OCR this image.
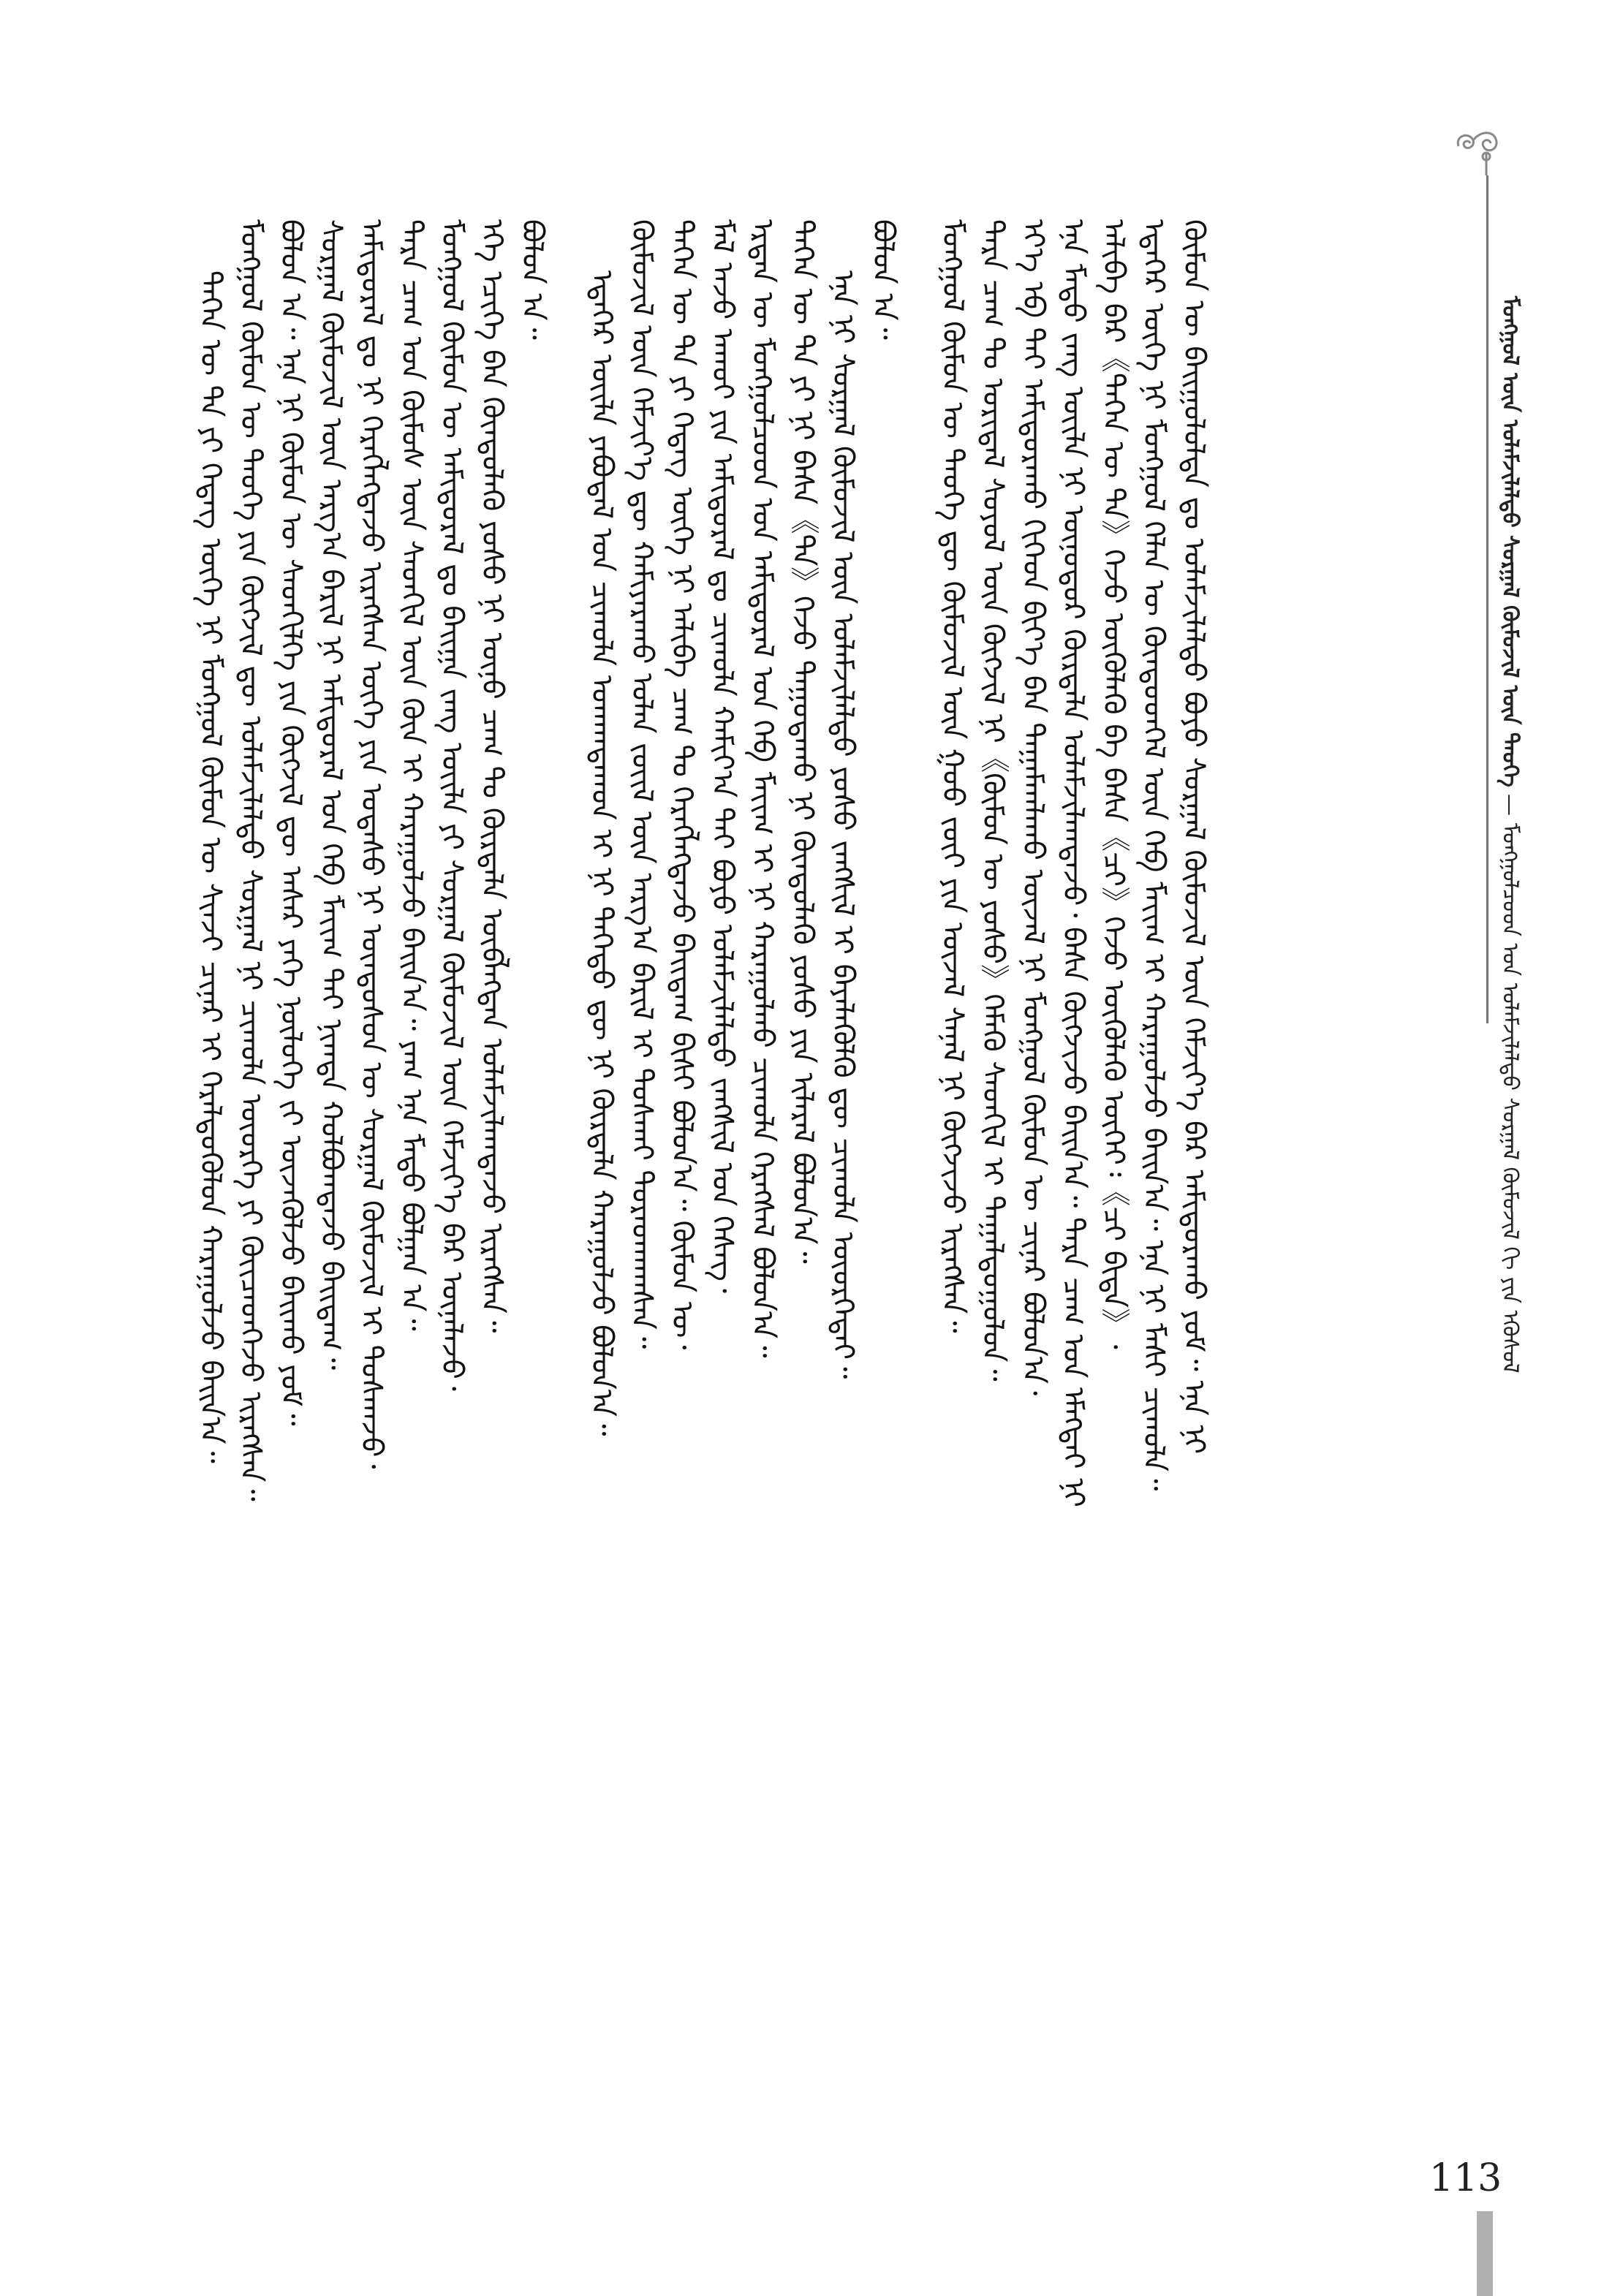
ᠮᠣᠩᠭᠣᠯ ᠦᠨ ᠤᠯᠠᠮᠵᠢᠯᠠᠯᠲᠤ ᠰᠤᠷᠭᠠᠯ ᠬᠦᠮᠦᠵᠢᠯ ᠦᠨ ᠲᠡᠦᠬᠡ — ᠮᠣᠩᠭᠣᠯᠴᠤᠳ ᠤᠨ ᠤᠯᠠᠮᠵᠢᠯᠠᠯᠲᠤ ᠰᠤᠷᠭᠠᠯ ᠬᠦᠮᠦᠵᠢᠯ ᠬᠢ ᠶᠢᠨ ᠡᠭᠦᠰᠦᠯ
ᠲᠡᠭᠡᠨ ᠦ ᠲᠠ ᠶᠢ ᠭᠡᠳᠡᠭ ᠦᠭᠡ ᠨᠢ ᠮᠣᠩᠭᠣᠯ ᠬᠦᠮᠦᠨ ᠦ ᠰᠢᠨᠵᠢ ᠴᠢᠨᠠᠷ ᠢ ᠭᠡᠷᠡᠯᠲᠦᠭᠦᠯᠦᠨ ᠬᠠᠷᠠᠭᠤᠯᠵᠤ ᠪᠠᠢᠨ᠎ᠠ᠃ ᠮᠣᠩᠭᠣᠯ ᠬᠦᠮᠦᠨ ᠦ ᠲᠡᠦᠬᠡ ᠶᠢᠨ ᠬᠥᠭᠵᠢᠯ ᠳᠦ ᠤᠯᠠᠮᠵᠢᠯᠠᠯᠲᠤ ᠰᠤᠷᠭᠠᠯ ᠨᠢ ᠴᠢᠬᠤᠯᠠ ᠦᠦᠷᠭᠡ ᠶᠢ ᠭᠦᠢᠴᠡᠳᠬᠡᠵᠦ ᠢᠷᠡᠭᠰᠡᠨ᠃ ᠪᠣᠯᠤᠨ ᠠ᠃ ᠡᠨᠡ ᠨᠢ ᠬᠦᠮᠦᠨ ᠦ ᠰᠡᠳᠬᠢᠯᠭᠡ ᠶᠢᠨ ᠬᠥᠭᠵᠢᠯ ᠳᠦ ᠠᠰᠠᠷ ᠶᠡᠬᠡ ᠨᠥᠯᠦᠭᠡ ᠵᠢ ᠦᠵᠡᠭᠦᠯᠵᠦ ᠪᠠᠢᠬᠤ ᠶᠤᠮ᠃ ᠰᠤᠷᠭᠠᠯ ᠬᠦᠮᠦᠵᠢᠯ ᠦᠨ ᠠᠷᠭ᠎ᠠ ᠪᠠᠷᠢᠯ ᠨᠢ ᠠᠮᠢᠳᠤᠷᠠᠯ ᠤᠨ ᠬᠡᠪ ᠮᠠᠶ᠋ᠢᠭ ᠲᠠᠢ ᠨᠢᠭᠲᠠ ᠬᠣᠯᠪᠣᠭᠳᠠᠵᠤ ᠪᠠᠢᠳᠠᠭ᠃ ᠠᠮᠢᠳᠤᠷᠠᠯ ᠳᠤ ᠨᠢ ᠬᠡᠷᠡᠭᠯᠡᠭᠳᠡᠵᠦ ᠢᠷᠡᠭᠰᠡᠨ ᠦᠭᠡ ᠶᠢᠨ ᠤᠲᠠᠰᠤ ᠨᠢ ᠦᠨᠳᠦᠰᠦᠨ ᠦ ᠰᠤᠷᠭᠠᠯ ᠬᠦᠮᠦᠵᠢᠯ ᠢ ᠲᠤᠰᠬᠠᠵᠤ᠂ ᠲᠡᠷᠡ ᠴᠠᠭ ᠤᠨ ᠬᠦᠮᠦᠰ ᠦᠨ ᠰᠡᠳᠬᠢᠯ ᠦᠨ ᠭᠦᠨ ᠢ ᠬᠠᠷᠠᠭᠤᠯᠵᠤ ᠪᠠᠢᠨ᠎ᠠ᠃ ᠶᠠᠭ ᠡᠨᠡ ᠮᠡᠲᠦ ᠪᠣᠯᠭᠠᠨ ᠠ᠃ ᠮᠣᠩᠭᠣᠯ ᠬᠦᠮᠦᠨ ᠦ ᠠᠮᠢᠳᠤᠷᠠᠯ ᠳᠤ ᠪᠠᠢᠭᠠ ᠵᠠᠩ ᠦᠢᠯᠡ ᠶᠢ ᠰᠤᠷᠭᠠᠯ ᠬᠦᠮᠦᠵᠢᠯ ᠦᠨ ᠬᠡᠮᠵᠢᠶ᠎ᠡ ᠪᠡᠷ ᠦᠨᠡᠯᠡᠵᠦ᠂ ᠡᠬᠡ ᠡᠴᠢᠭᠡ ᠪᠡᠨ ᠬᠦᠨᠳᠦᠯᠡᠬᠦ ᠶᠣᠰᠤ ᠨᠢ ᠥᠨᠥ ᠴᠠᠭ ᠲᠤ ᠬᠦᠷᠲᠡᠯᠡ ᠥᠪᠯᠡᠭᠳᠡᠨ ᠤᠯᠠᠮᠵᠢᠯᠠᠭᠳᠠᠵᠤ ᠢᠷᠡᠭᠰᠡᠨ᠃ ᠪᠣᠯᠤᠨ ᠠ᠃ ᠡᠳᠡᠭᠡᠷ ᠦᠢᠯᠡ ᠶᠠᠪᠤᠳᠠᠯ ᠤᠨ ᠴᠢᠬᠤᠯᠠ ᠤᠬᠠᠭᠳᠠᠬᠤᠨ ᠢ ᠨᠢ ᠳᠡᠭᠡᠳᠦ ᠳᠦ ᠨᠢ ᠬᠦᠷᠲᠡᠯᠡ ᠬᠠᠷᠠᠭᠤᠯᠵᠤ ᠪᠣᠯᠣᠨ᠎ᠠ᠃ ᠬᠦᠮᠦᠵᠢᠯ ᠦᠨ ᠬᠡᠮᠵᠢᠶ᠎ᠡ ᠳᠦ ᠬᠠᠮᠢᠶᠠᠷᠠᠬᠤ ᠣᠯᠠᠨ ᠵᠦᠢᠯ ᠦᠨ ᠠᠷᠭ᠎ᠠ ᠪᠠᠷᠢᠯ ᠢ ᠲᠤᠰᠬᠠᠢ ᠳᠤᠷᠠᠳᠬᠠᠭᠰᠠᠨ᠃ ᠲᠡᠭᠡᠨ ᠦ ᠲᠠ ᠶᠢ ᠭᠡᠳᠡᠭ ᠦᠭᠡ ᠨᠢ ᠠᠯᠢᠪᠠ ᠴᠠᠭ ᠲᠤ ᠬᠡᠷᠡᠭᠯᠡᠭᠳᠡᠵᠦ ᠪᠠᠢᠳᠠᠭ ᠪᠢᠰᠢ ᠪᠣᠯᠤᠨ᠎ᠠ᠃ ᠬᠦᠮᠦᠨ ᠦ᠂ ᠮᠠᠯ ᠠᠵᠤ ᠠᠬᠤᠢ ᠶᠢᠨ ᠠᠮᠢᠳᠤᠷᠠᠯ ᠳᠤ ᠴᠢᠬᠤᠯᠠ ᠬᠠᠮᠢᠶ᠎ᠠ ᠲᠠᠢ ᠪᠤᠶᠤ ᠤᠯᠠᠮᠵᠢᠯᠠᠯᠲᠤ ᠵᠠᠩᠰᠢᠯ ᠤᠨ ᠬᠡᠰᠡᠭ᠂ ᠡᠷᠲᠡᠨ ᠦ ᠮᠣᠩᠭᠣᠯᠴᠤᠳ ᠤᠨ ᠠᠮᠢᠳᠤᠷᠠᠯ ᠤᠨ ᠬᠡᠪ ᠮᠠᠶ᠋ᠢᠭ ᠢ ᠨᠢ ᠬᠠᠷᠠᠭᠤᠯᠬᠤ ᠴᠢᠬᠤᠯᠠ ᠬᠡᠷᠡᠭᠰᠡᠯ ᠪᠣᠯᠤᠨ᠎ᠠ᠃ ᠲᠡᠭᠡᠨ ᠦ ᠲᠠ ᠶᠢ ᠨᠢ ᠪᠠᠰᠠ《ᠲᠠ》ᠭᠡᠵᠦ ᠳᠠᠭᠤᠳᠠᠬᠤ ᠨᠢ ᠬᠦᠨᠳᠦᠯᠡᠬᠦ ᠶᠣᠰᠤ ᠶᠢᠨ ᠢᠯᠡᠷᠡᠯ ᠪᠣᠯᠤᠨ᠎ᠠ᠃ ᠡᠨᠡ ᠨᠢ ᠰᠤᠷᠭᠠᠯ ᠬᠦᠮᠦᠵᠢᠯ ᠦᠨ ᠤᠯᠠᠮᠵᠢᠯᠠᠯᠲᠤ ᠶᠣᠰᠤ ᠵᠠᠩᠰᠢᠯ ᠢ ᠪᠡᠶᠡᠯᠡᠭᠦᠯᠬᠦ ᠳᠦ ᠴᠢᠬᠤᠯᠠ ᠦᠦᠷᠭᠡᠲᠡᠢ᠃ ᠪᠣᠯᠤᠨ ᠠ᠃ ᠮᠣᠩᠭᠣᠯ ᠬᠦᠮᠦᠨ ᠦ ᠲᠡᠦᠬᠡ ᠳᠦ ᠬᠦᠮᠦᠵᠢᠯ ᠦᠨ ᠭᠣᠣ ᠵᠦᠢ ᠶᠢᠨ ᠦᠵᠡᠯ ᠰᠠᠨᠠᠯ ᠨᠢ ᠬᠥᠭᠵᠢᠵᠦ ᠢᠷᠡᠭᠰᠡᠨ᠃ ᠲᠡᠷᠡ ᠴᠠᠭ ᠲᠤ ᠤᠷᠢᠳᠠᠯ ᠰᠣᠶᠤᠯ ᠦᠨ ᠬᠥᠭᠵᠢᠯ ᠨᠢ《ᠬᠦᠮᠦᠨ ᠦ ᠶᠣᠰᠤ》ᠬᠡᠮᠡᠬᠦ ᠰᠡᠳᠬᠢᠯ ᠢ ᠳᠠᠭᠠᠯᠳᠤᠭᠤᠯᠤᠨ᠃ ᠡᠶ᠎ᠡ ᠡᠪ ᠲᠡᠢ ᠠᠮᠢᠳᠤᠷᠠᠬᠤ ᠬᠢᠭᠡᠳ ᠪᠢᠶ᠎ᠡ ᠪᠡᠨ ᠲᠠᠭᠠᠮᠠᠭᠯᠠᠬᠤ ᠦᠵᠡᠯ ᠨᠢ ᠮᠣᠩᠭᠣᠯ ᠬᠦᠮᠦᠨ ᠦ ᠴᠢᠨᠠᠷ ᠪᠣᠯᠤᠨ᠎ᠠ᠂ ᠡᠨᠡ ᠮᠡᠲᠦ ᠵᠠᠩ ᠦᠢᠯᠡ ᠨᠢ ᠥᠨᠥᠳᠦᠷ ᠬᠦᠷᠲᠡᠯᠡ ᠤᠯᠠᠮᠵᠢᠯᠠᠭᠳᠠᠵᠤ᠂ ᠪᠠᠰᠠ ᠬᠥᠭᠵᠢᠵᠦ ᠪᠠᠢᠨ᠎ᠠ᠃ ᠲᠡᠷᠡ ᠴᠠᠭ ᠤᠨ ᠡᠮᠡᠭᠲᠡᠢ ᠨᠢ ᠠᠯᠢᠪᠠ ᠪᠡᠷ《ᠲᠡᠭᠡᠨ ᠦ ᠲᠠ》ᠭᠡᠵᠦ ᠦᠭᠦᠯᠡᠬᠦ ᠪᠠ ᠪᠠᠰᠠ《ᠴᠢ》ᠭᠡᠵᠦ ᠦᠭᠦᠯᠡᠬᠦ ᠦᠭᠡᠢ᠄《ᠴᠢ ᠪᠢᠳᠡ》᠂ ᠡᠳᠡᠭᠡᠷ ᠦᠭᠡ ᠨᠢ ᠮᠣᠩᠭᠣᠯ ᠬᠡᠯᠡᠨ ᠦ ᠬᠦᠨᠳᠦᠳᠭᠡᠯ ᠦᠨ ᠬᠡᠪ ᠮᠠᠶ᠋ᠢᠭ ᠢ ᠬᠠᠷᠠᠭᠤᠯᠵᠤ ᠪᠠᠢᠨ᠎ᠠ᠃ ᠡᠨᠡ ᠨᠢ ᠮᠠᠰᠢ ᠴᠢᠬᠤᠯᠠ᠃ ᠬᠦᠮᠦᠨ ᠦ ᠪᠠᠢᠭᠤᠯᠤᠯᠲᠠ ᠳᠤ ᠤᠯᠠᠮᠵᠢᠯᠠᠯᠲᠤ ᠪᠤᠶᠤ ᠰᠤᠷᠭᠠᠯ ᠬᠦᠮᠦᠵᠢᠯ ᠦᠨ ᠬᠡᠮᠵᠢᠶ᠎ᠡ ᠪᠡᠷ ᠠᠮᠢᠳᠤᠷᠠᠬᠤ ᠶᠤᠮ᠃ ᠡᠨᠡ ᠨᠢ
113
